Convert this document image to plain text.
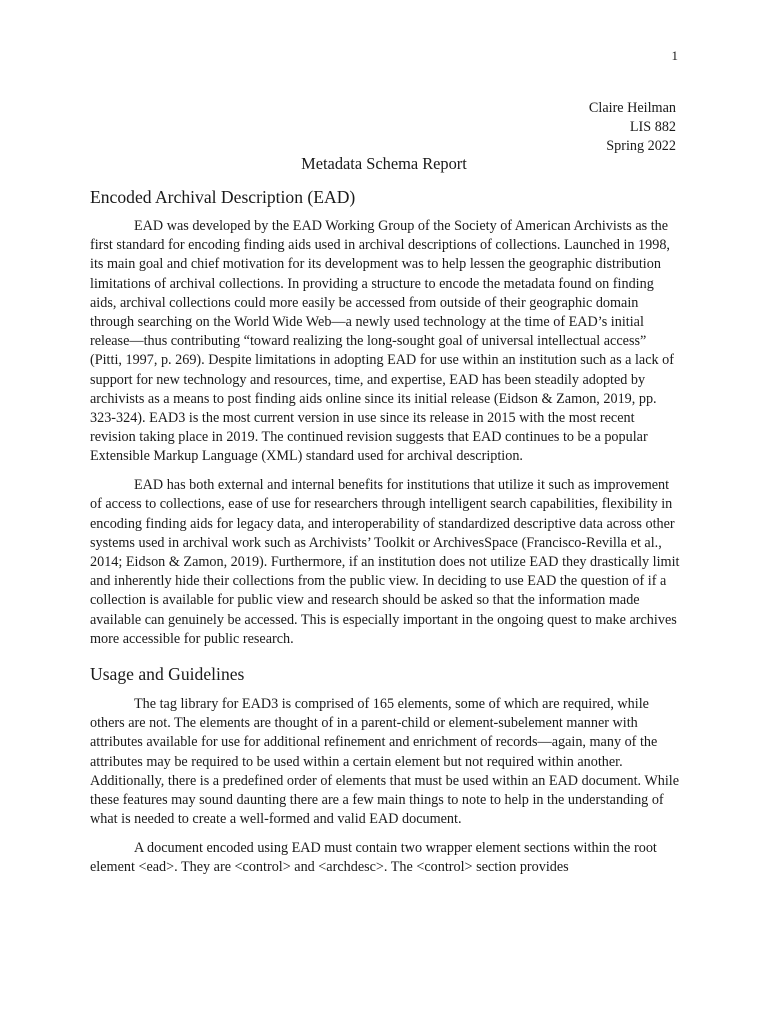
1
Claire Heilman
LIS 882
Spring 2022
Metadata Schema Report
Encoded Archival Description (EAD)

EAD was developed by the EAD Working Group of the Society of American Archivists as the first standard for encoding finding aids used in archival descriptions of collections. Launched in 1998, its main goal and chief motivation for its development was to help lessen the geographic distribution limitations of archival collections. In providing a structure to encode the metadata found on finding aids, archival collections could more easily be accessed from outside of their geographic domain through searching on the World Wide Web—a newly used technology at the time of EAD’s initial release—thus contributing “toward realizing the long-sought goal of universal intellectual access” (Pitti, 1997, p. 269). Despite limitations in adopting EAD for use within an institution such as a lack of support for new technology and resources, time, and expertise, EAD has been steadily adopted by archivists as a means to post finding aids online since its initial release (Eidson & Zamon, 2019, pp. 323-324). EAD3 is the most current version in use since its release in 2015 with the most recent revision taking place in 2019. The continued revision suggests that EAD continues to be a popular Extensible Markup Language (XML) standard used for archival description.

EAD has both external and internal benefits for institutions that utilize it such as improvement of access to collections, ease of use for researchers through intelligent search capabilities, flexibility in encoding finding aids for legacy data, and interoperability of standardized descriptive data across other systems used in archival work such as Archivists’ Toolkit or ArchivesSpace (Francisco-Revilla et al., 2014; Eidson & Zamon, 2019). Furthermore, if an institution does not utilize EAD they drastically limit and inherently hide their collections from the public view. In deciding to use EAD the question of if a collection is available for public view and research should be asked so that the information made available can genuinely be accessed. This is especially important in the ongoing quest to make archives more accessible for public research.

Usage and Guidelines

The tag library for EAD3 is comprised of 165 elements, some of which are required, while others are not. The elements are thought of in a parent-child or element-subelement manner with attributes available for use for additional refinement and enrichment of records—again, many of the attributes may be required to be used within a certain element but not required within another. Additionally, there is a predefined order of elements that must be used within an EAD document. While these features may sound daunting there are a few main things to note to help in the understanding of what is needed to create a well-formed and valid EAD document.

A document encoded using EAD must contain two wrapper element sections within the root element <ead>. They are <control> and <archdesc>. The <control> section provides
